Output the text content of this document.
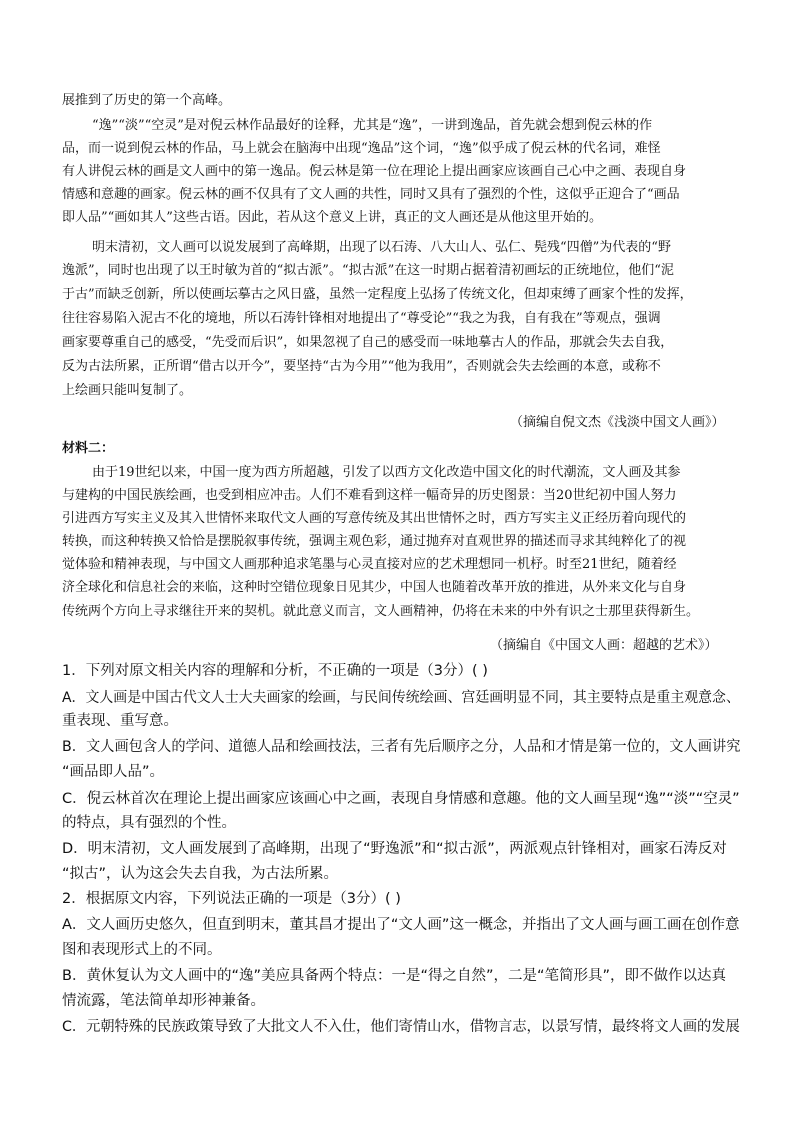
展推到了历史的第一个高峰。
“逸”“淡”“空灵”是对倪云林作品最好的诠释，尤其是“逸”，一讲到逸品，首先就会想到倪云林的作
品，而一说到倪云林的作品，马上就会在脑海中出现“逸品”这个词，“逸”似乎成了倪云林的代名词，难怪
有人讲倪云林的画是文人画中的第一逸品。倪云林是第一位在理论上提出画家应该画自己心中之画、表现自身
情感和意趣的画家。倪云林的画不仅具有了文人画的共性，同时又具有了强烈的个性，这似乎正迎合了“画品
即人品”“画如其人”这些古语。因此，若从这个意义上讲，真正的文人画还是从他这里开始的。
明末清初，文人画可以说发展到了高峰期，出现了以石涛、八大山人、弘仁、髡残“四僧”为代表的“野
逸派”，同时也出现了以王时敏为首的“拟古派”。“拟古派”在这一时期占据着清初画坛的正统地位，他们“泥
于古”而缺乏创新，所以使画坛摹古之风日盛，虽然一定程度上弘扬了传统文化，但却束缚了画家个性的发挥，
往往容易陷入泥古不化的境地，所以石涛针锋相对地提出了“尊受论”“我之为我，自有我在”等观点，强调
画家要尊重自己的感受，“先受而后识”，如果忽视了自己的感受而一味地摹古人的作品，那就会失去自我，
反为古法所累，正所谓“借古以开今”，要坚持“古为今用”“他为我用”，否则就会失去绘画的本意，或称不
上绘画只能叫复制了。
（摘编自倪文杰《浅淡中国文人画》）
材料二：
由于19世纪以来，中国一度为西方所超越，引发了以西方文化改造中国文化的时代潮流，文人画及其参
与建构的中国民族绘画，也受到相应冲击。人们不难看到这样一幅奇异的历史图景：当20世纪初中国人努力
引进西方写实主义及其入世情怀来取代文人画的写意传统及其出世情怀之时，西方写实主义正经历着向现代的
转换，而这种转换又恰恰是摆脱叙事传统，强调主观色彩，通过抛弃对直观世界的描述而寻求其纯粹化了的视
觉体验和精神表现，与中国文人画那种追求笔墨与心灵直接对应的艺术理想同一机杼。时至21世纪，随着经
济全球化和信息社会的来临，这种时空错位现象日见其少，中国人也随着改革开放的推进，从外来文化与自身
传统两个方向上寻求继往开来的契机。就此意义而言，文人画精神，仍将在未来的中外有识之士那里获得新生。
（摘编自《中国文人画：超越的艺术》）
1．下列对原文相关内容的理解和分析，不正确的一项是（3分）( )
A．文人画是中国古代文人士大夫画家的绘画，与民间传统绘画、宫廷画明显不同，其主要特点是重主观意念、
重表现、重写意。
B．文人画包含人的学问、道德人品和绘画技法，三者有先后顺序之分，人品和才情是第一位的，文人画讲究
“画品即人品”。
C．倪云林首次在理论上提出画家应该画心中之画，表现自身情感和意趣。他的文人画呈现“逸”“淡”“空灵”
的特点，具有强烈的个性。
D．明末清初，文人画发展到了高峰期，出现了“野逸派”和“拟古派”，两派观点针锋相对，画家石涛反对
“拟古”，认为这会失去自我，为古法所累。
2．根据原文内容，下列说法正确的一项是（3分）( )
A．文人画历史悠久，但直到明末，董其昌才提出了“文人画”这一概念，并指出了文人画与画工画在创作意
图和表现形式上的不同。
B．黄休复认为文人画中的“逸”美应具备两个特点：一是“得之自然”，二是“笔简形具”，即不做作以达真
情流露，笔法简单却形神兼备。
C．元朝特殊的民族政策导致了大批文人不入仕，他们寄情山水，借物言志，以景写情，最终将文人画的发展
